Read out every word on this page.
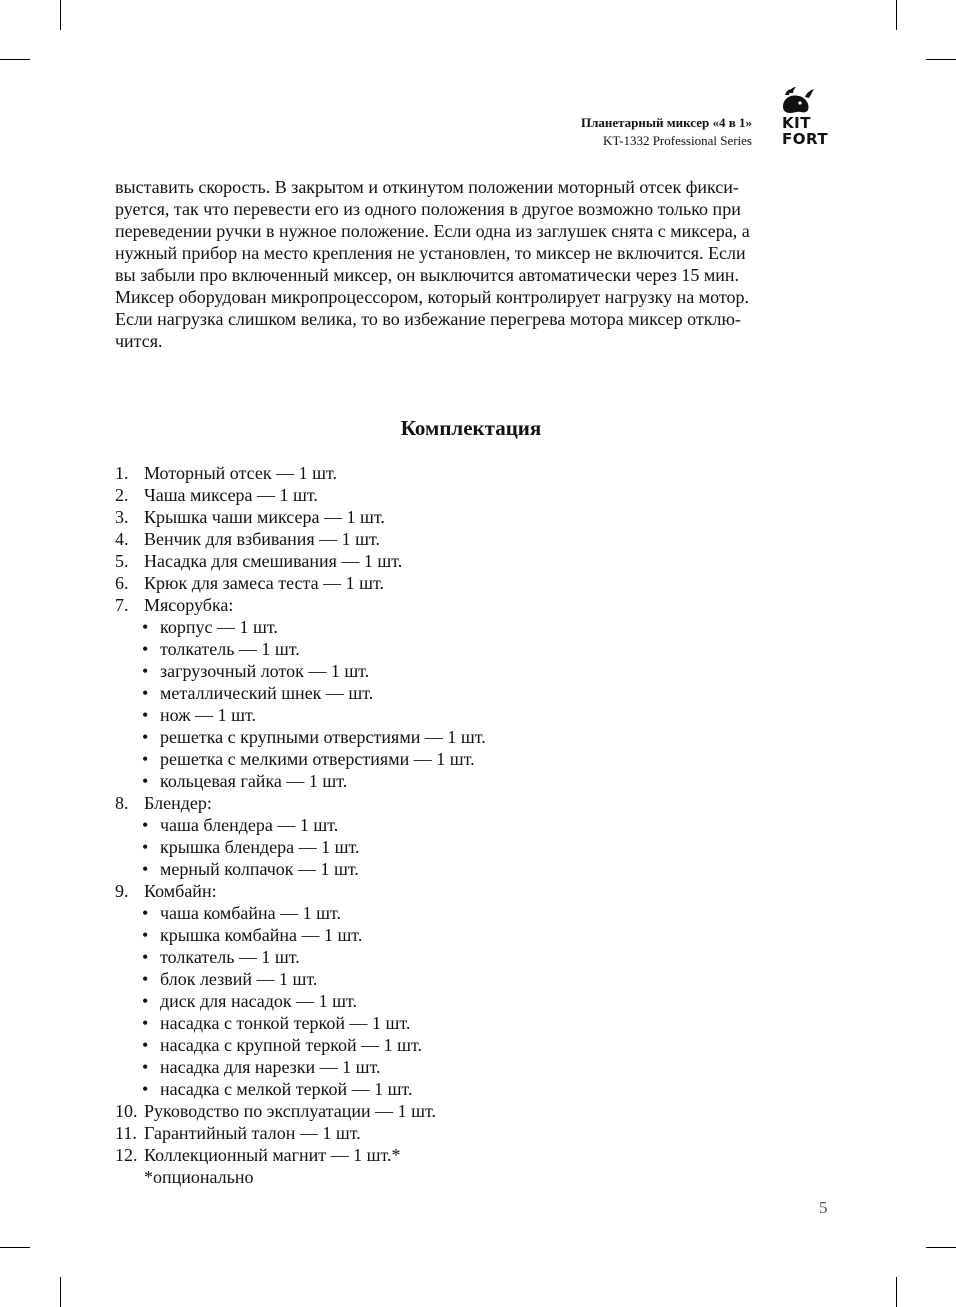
Планетарный миксер «4 в 1»
KT-1332 Professional Series
KIT
FORT

выставить скорость. В закрытом и откинутом положении моторный отсек фикси-
руется, так что перевести его из одного положения в другое возможно только при
переведении ручки в нужное положение. Если одна из заглушек снята с миксера, а
нужный прибор на место крепления не установлен, то миксер не включится. Если
вы забыли про включенный миксер, он выключится автоматически через 15 мин.
Миксер оборудован микропроцессором, который контролирует нагрузку на мотор.
Если нагрузка слишком велика, то во избежание перегрева мотора миксер отклю-
чится.

Комплектация
1. Моторный отсек — 1 шт.
2. Чаша миксера — 1 шт.
3. Крышка чаши миксера — 1 шт.
4. Венчик для взбивания — 1 шт.
5. Насадка для смешивания — 1 шт.
6. Крюк для замеса теста — 1 шт.
7. Мясорубка:
• корпус — 1 шт.
• толкатель — 1 шт.
• загрузочный лоток — 1 шт.
• металлический шнек — шт.
• нож — 1 шт.
• решетка с крупными отверстиями — 1 шт.
• решетка с мелкими отверстиями — 1 шт.
• кольцевая гайка — 1 шт.
8. Блендер:
• чаша блендера — 1 шт.
• крышка блендера — 1 шт.
• мерный колпачок — 1 шт.
9. Комбайн:
• чаша комбайна — 1 шт.
• крышка комбайна — 1 шт.
• толкатель — 1 шт.
• блок лезвий — 1 шт.
• диск для насадок — 1 шт.
• насадка с тонкой теркой — 1 шт.
• насадка с крупной теркой — 1 шт.
• насадка для нарезки — 1 шт.
• насадка с мелкой теркой — 1 шт.
10. Руководство по эксплуатации — 1 шт.
11. Гарантийный талон — 1 шт.
12. Коллекционный магнит — 1 шт.*
*опционально
5
